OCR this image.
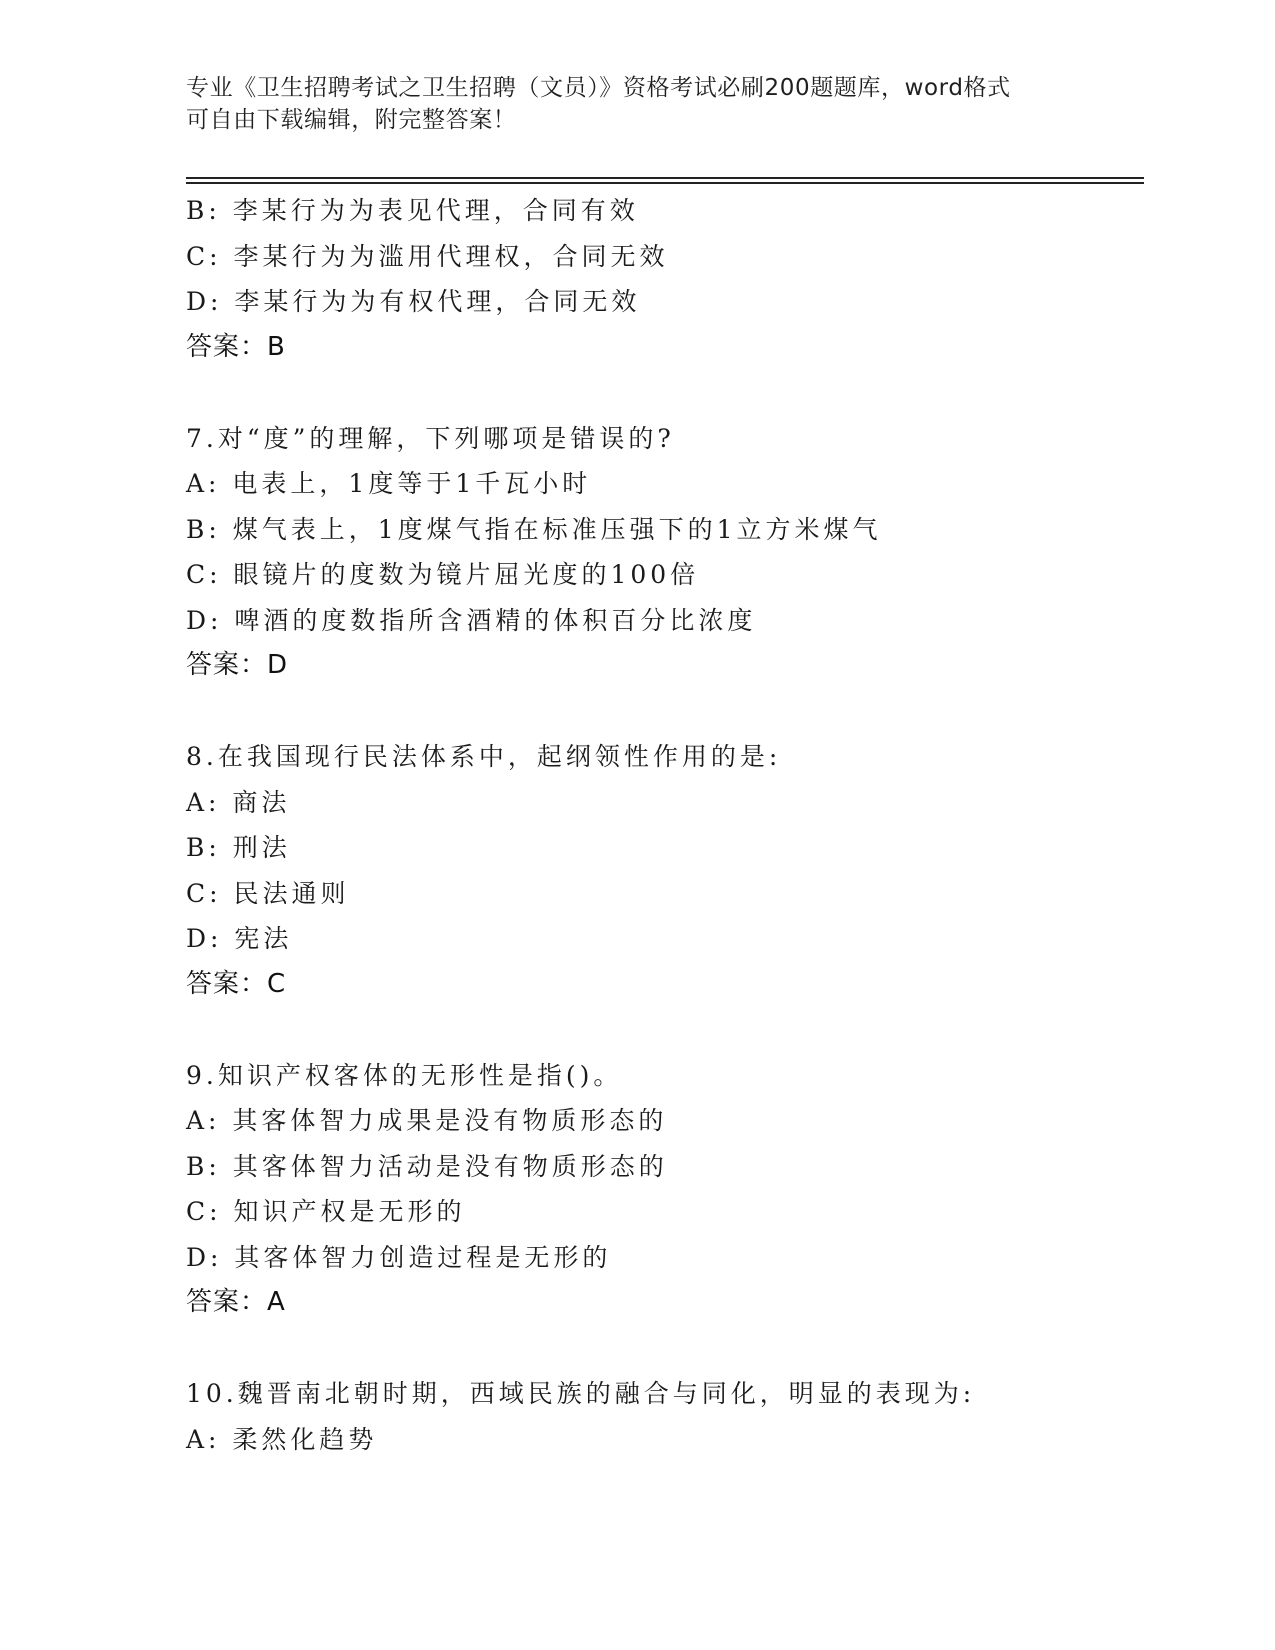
专业《卫生招聘考试之卫生招聘（文员）》资格考试必刷200题题库，word格式
可自由下载编辑，附完整答案！
B: 李某行为为表见代理，合同有效
C: 李某行为为滥用代理权，合同无效
D: 李某行为为有权代理，合同无效
答案：B
7.对“度”的理解，下列哪项是错误的?
A: 电表上，1度等于1千瓦小时
B: 煤气表上，1度煤气指在标准压强下的1立方米煤气
C: 眼镜片的度数为镜片屈光度的100倍
D: 啤酒的度数指所含酒精的体积百分比浓度
答案：D
8.在我国现行民法体系中，起纲领性作用的是:
A: 商法
B: 刑法
C: 民法通则
D: 宪法
答案：C
9.知识产权客体的无形性是指()。
A: 其客体智力成果是没有物质形态的
B: 其客体智力活动是没有物质形态的
C: 知识产权是无形的
D: 其客体智力创造过程是无形的
答案：A
10.魏晋南北朝时期，西域民族的融合与同化，明显的表现为:
A: 柔然化趋势
